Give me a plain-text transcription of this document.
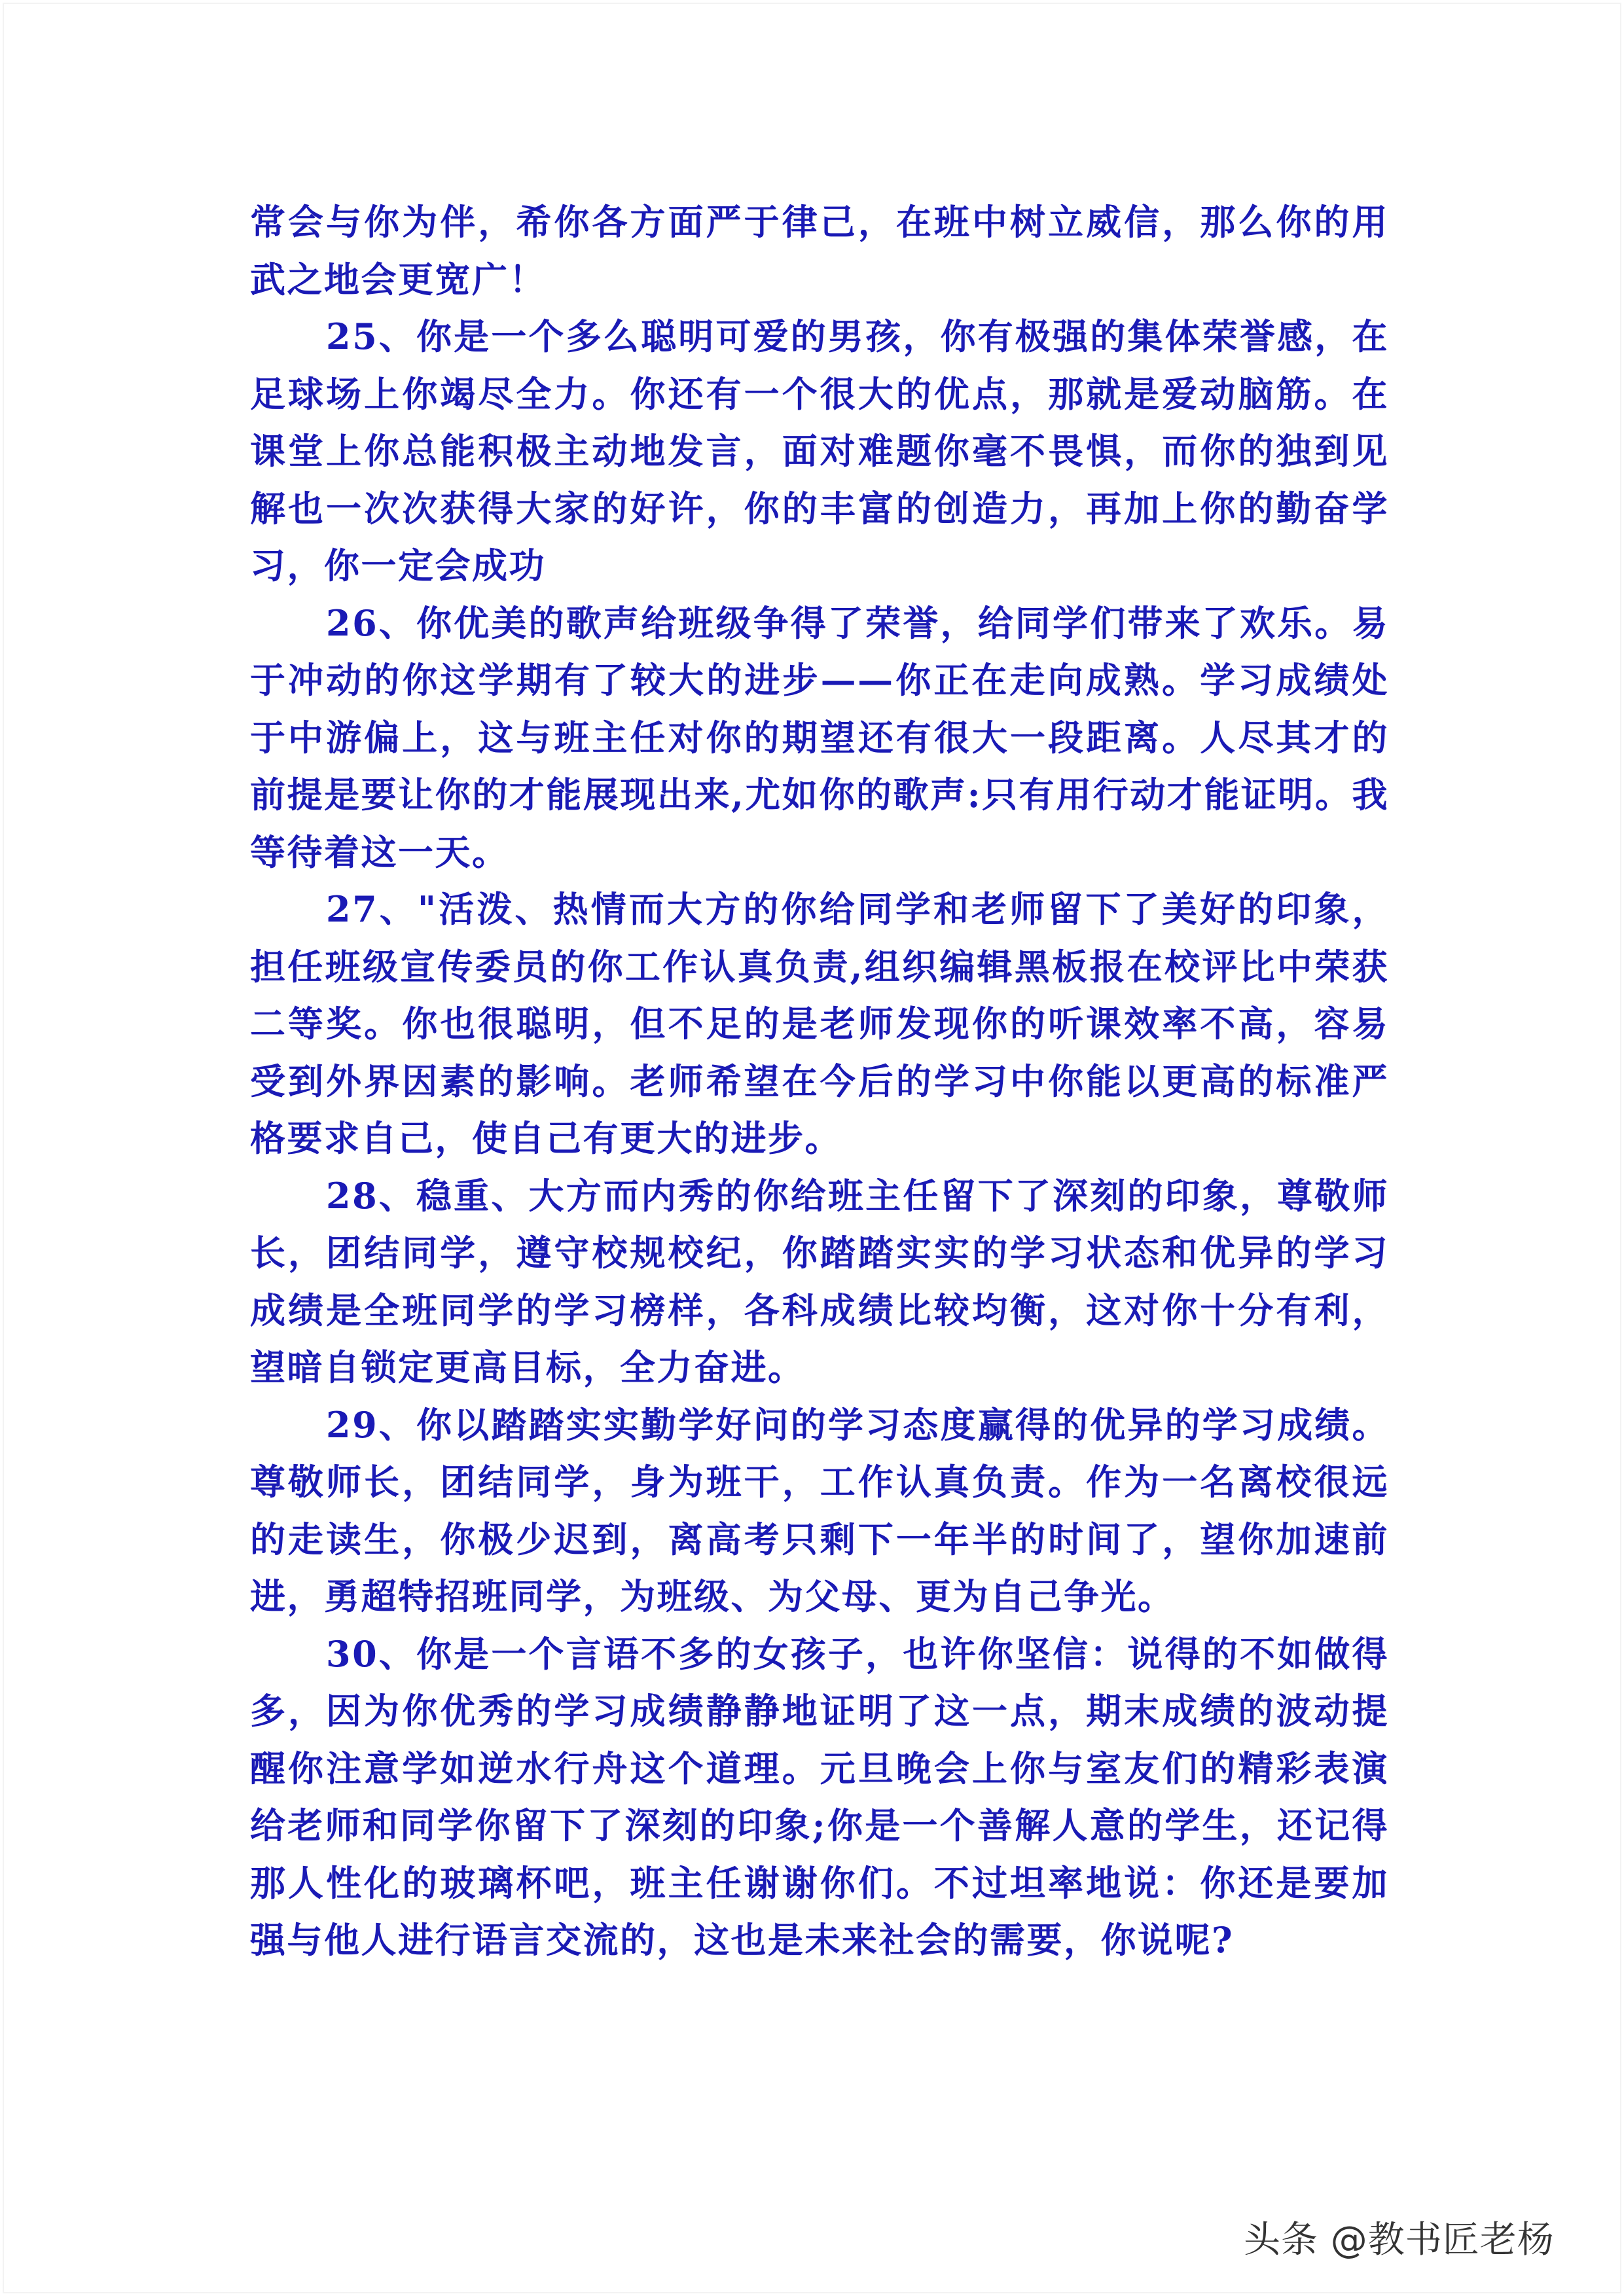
常会与你为伴，希你各方面严于律己，在班中树立威信，那么你的用武之地会更宽广！

25、你是一个多么聪明可爱的男孩，你有极强的集体荣誉感，在足球场上你竭尽全力。你还有一个很大的优点，那就是爱动脑筋。在课堂上你总能积极主动地发言，面对难题你毫不畏惧，而你的独到见解也一次次获得大家的好许，你的丰富的创造力，再加上你的勤奋学习，你一定会成功

26、你优美的歌声给班级争得了荣誉，给同学们带来了欢乐。易于冲动的你这学期有了较大的进步——你正在走向成熟。学习成绩处于中游偏上，这与班主任对你的期望还有很大一段距离。人尽其才的前提是要让你的才能展现出来,尤如你的歌声:只有用行动才能证明。我等待着这一天。

27、"活泼、热情而大方的你给同学和老师留下了美好的印象，担任班级宣传委员的你工作认真负责,组织编辑黑板报在校评比中荣获二等奖。你也很聪明，但不足的是老师发现你的听课效率不高，容易受到外界因素的影响。老师希望在今后的学习中你能以更高的标准严格要求自己，使自己有更大的进步。

28、稳重、大方而内秀的你给班主任留下了深刻的印象，尊敬师长，团结同学，遵守校规校纪，你踏踏实实的学习状态和优异的学习成绩是全班同学的学习榜样，各科成绩比较均衡，这对你十分有利，望暗自锁定更高目标，全力奋进。

29、你以踏踏实实勤学好问的学习态度赢得的优异的学习成绩。尊敬师长，团结同学，身为班干，工作认真负责。作为一名离校很远的走读生，你极少迟到，离高考只剩下一年半的时间了，望你加速前进，勇超特招班同学，为班级、为父母、更为自己争光。

30、你是一个言语不多的女孩子，也许你坚信：说得的不如做得多，因为你优秀的学习成绩静静地证明了这一点，期末成绩的波动提醒你注意学如逆水行舟这个道理。元旦晚会上你与室友们的精彩表演给老师和同学你留下了深刻的印象;你是一个善解人意的学生，还记得那人性化的玻璃杯吧，班主任谢谢你们。不过坦率地说：你还是要加强与他人进行语言交流的，这也是未来社会的需要，你说呢?

头条 @教书匠老杨
